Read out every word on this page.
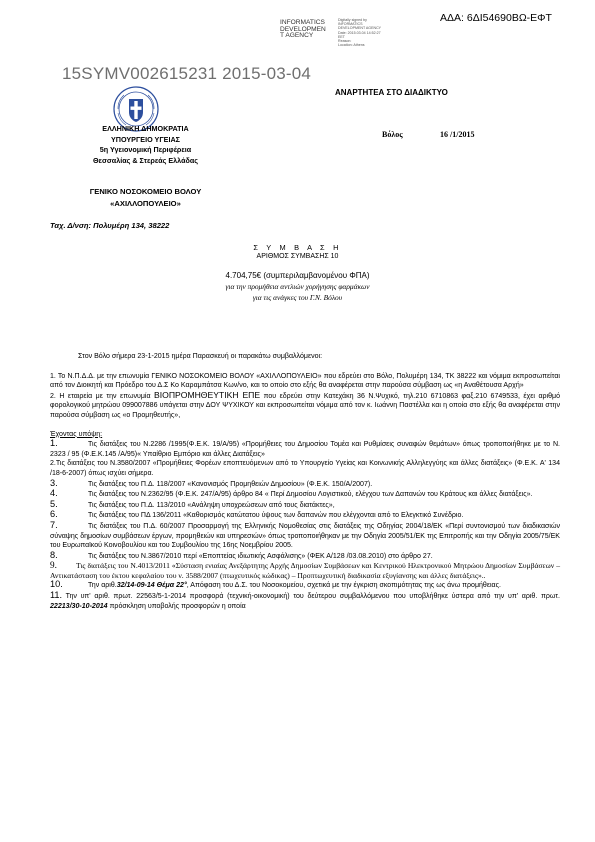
INFORMATICS
DEVELOPMEN
T AGENCY
Digitally signed by
INFORMATICS
DEVELOPMENT AGENCY
Date: 2015.03.04 14:52:27
EET
Reason:
Location: Athens
ΑΔΑ: 6ΔΙ54690ΒΩ-ΕΦΤ
15SYMV002615231 2015-03-04
ΑΝΑΡΤΗΤΕΑ ΣΤΟ ΔΙΑΔΙΚΤΥΟ
ΕΛΛΗΝΙΚΗ ΔΗΜΟΚΡΑΤΙΑ
ΥΠΟΥΡΓΕΙΟ ΥΓΕΙΑΣ
5η Υγειονομική Περιφέρεια
Θεσσαλίας & Στερεάς Ελλάδας
ΓΕΝΙΚΟ ΝΟΣΟΚΟΜΕΙΟ ΒΟΛΟΥ
«ΑΧΙΛΛΟΠΟΥΛΕΙΟ»
Βόλος	16 /1/2015
Ταχ. Δ/νση: Πολυμέρη 134, 38222
Σ Υ Μ Β Α Σ Η
ΑΡΙΘΜΟΣ ΣΥΜΒΑΣΗΣ 10
4.704,75€ (συμπεριλαμβανομένου ΦΠΑ)
για την προμήθεια αντλιών χορήγησης φαρμάκων
για τις ανάγκες του Γ.Ν. Βόλου

Στον Βόλο σήμερα 23-1-2015 ημέρα Παρασκευή οι παρακάτω συμβαλλόμενοι:

1. Το Ν.Π.Δ.Δ. με την επωνυμία ΓΕΝΙΚΟ ΝΟΣΟΚΟΜΕΙΟ ΒΟΛΟΥ «ΑΧΙΛΛΟΠΟΥΛΕΙΟ» που εδρεύει στο Βόλο, Πολυμέρη 134, ΤΚ 38222 και νόμιμα εκπροσωπείται από τον Διοικητή και Πρόεδρο του Δ.Σ Κο Καραμπάτσα Κων/νο, και το οποίο στο εξής θα αναφέρεται στην παρούσα σύμβαση ως «η Αναθέτουσα Αρχή»

2. Η εταιρεία με την επωνυμία ΒΙΟΠΡΟΜΗΘΕΥΤΙΚΗ ΕΠΕ που εδρεύει στην Κατεχάκη 36 Ν.Ψυχικό, τηλ.210 6710863 φαξ.210 6749533, έχει αριθμό φορολογικού μητρώου 099007886 υπάγεται στην ΔΟΥ ΨΥΧΙΚΟΥ και εκπροσωπείται νόμιμα από τον κ. Ιωάννη Παστέλλα και η οποία στο εξής θα αναφέρεται στην παρούσα σύμβαση ως «ο Προμηθευτής»,

Έχοντας υπόψη:

1.	Τις διατάξεις του Ν.2286 /1995(Φ.Ε.Κ. 19/Α/95) «Προμήθειες του Δημοσίου Τομέα και Ρυθμίσεις συναφών θεμάτων» όπως τροποποιήθηκε με το Ν. 2323 / 95 (Φ.Ε.Κ.145 /Α/95)« Υπαίθριο Εμπόριο και άλλες Διατάξεις»

2.Τις διατάξεις του Ν.3580/2007 «Προμήθειες Φορέων εποπτευόμενων από το Υπουργείο Υγείας και Κοινωνικής Αλληλεγγύης και άλλες διατάξεις» (Φ.Ε.Κ. Α' 134 /18-6-2007) όπως ισχύει σήμερα.

3.	Τις διατάξεις του Π.Δ. 118/2007 «Κανονισμός Προμηθειών Δημοσίου» (Φ.Ε.Κ. 150/Α/2007).

4.	Τις διατάξεις του Ν.2362/95 (Φ.Ε.Κ. 247/Α/95) άρθρο 84 « Περί Δημοσίου Λογιστικού, ελέγχου των Δαπανών του Κράτους και άλλες διατάξεις».

5.	Τις διατάξεις του Π.Δ. 113/2010 «Ανάληψη υποχρεώσεων από τους διατάκτες»,

6.	Τις διατάξεις του ΠΔ 136/2011 «Καθορισμός κατώτατου ύψους των δαπανών που ελέγχονται από το Ελεγκτικό Συνέδριο.

7.	Τις διατάξεις του Π.Δ. 60/2007 Προσαρμογή της Ελληνικής Νομοθεσίας στις διατάξεις της Οδηγίας 2004/18/ΕΚ «Περί συντονισμού των διαδικασιών σύναψης δημοσίων συμβάσεων έργων, προμηθειών και υπηρεσιών» όπως τροποποιήθηκαν με την Οδηγία 2005/51/ΕΚ της Επιτροπής και την Οδηγία 2005/75/ΕΚ του Ευρωπαϊκού Κοινοβουλίου και του Συμβουλίου της 16ης Νοεμβρίου 2005.

8.	Τις διατάξεις του Ν.3867/2010 περί «Εποπτείας ιδιωτικής Ασφάλισης» (ΦΕΚ Α/128 /03.08.2010) στο άρθρο 27.

9.	Τις διατάξεις του Ν.4013/2011 «Σύσταση ενιαίας Ανεξάρτητης Αρχής Δημοσίων Συμβάσεων και Κεντρικού Ηλεκτρονικού Μητρώου Δημοσίων Συμβάσεων – Αντικατάσταση του έκτου κεφαλαίου του ν. 3588/2007 (πτωχευτικός κώδικας) – Προπτωχευτική διαδικασία εξυγίανσης και άλλες διατάξεις»..

10.	Την αριθ.32/14-09-14 Θέμα 22°, Απόφαση του Δ.Σ. του Νοσοκομείου, σχετικά με την έγκριση σκοπιμότητας της ως άνω προμήθειας.

11. Την υπ' αριθ. πρωτ. 22563/5-1-2014 προσφορά (τεχνική-οικονομική) του δεύτερου συμβαλλόμενου που υποβλήθηκε ύστερα από την υπ' αριθ. πρωτ. 22213/30-10-2014 πρόσκληση υποβολής προσφορών η οποία
